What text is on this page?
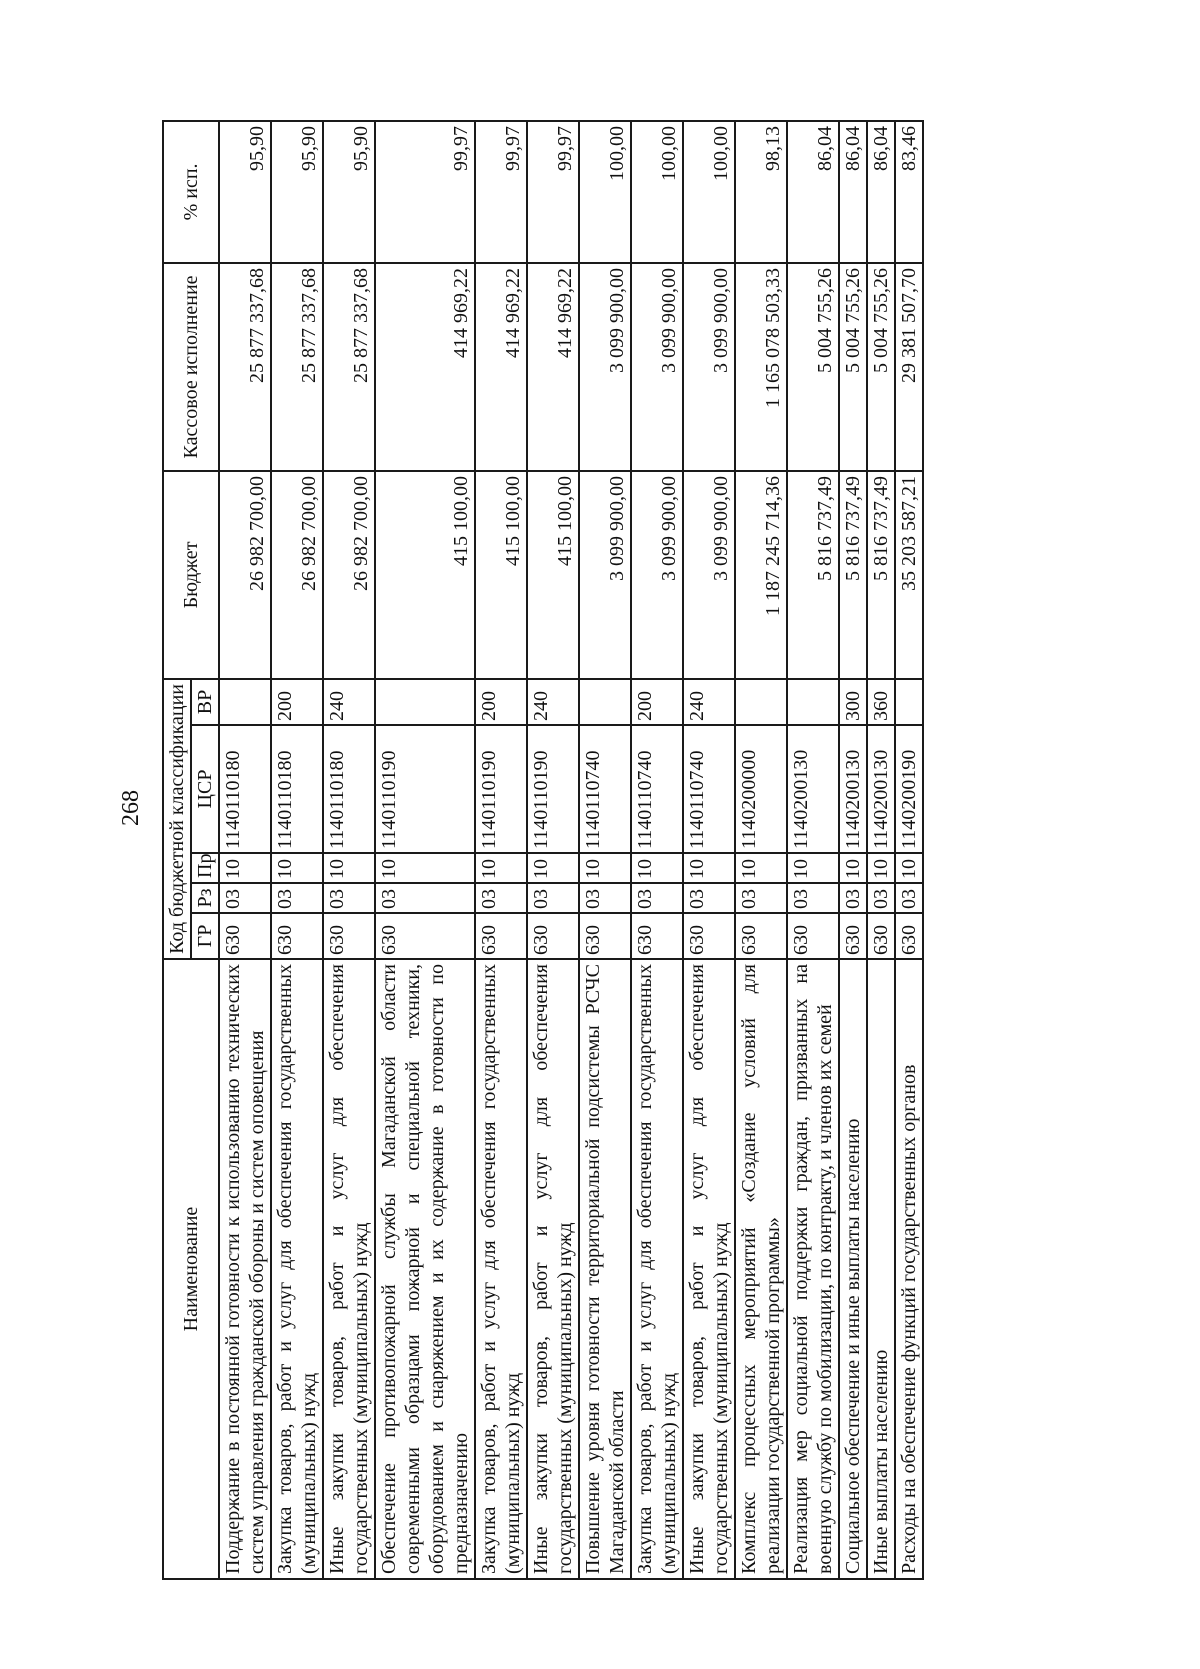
268
Наименование	Код бюджетной классификации					Бюджет	Кассовое исполнение	% исп.
	ГР	Рз	Пр	ЦСР	ВР			
Поддержание в постоянной готовности к использованию технических систем управления гражданской обороны и систем оповещения	630	03	10	1140110180		26 982 700,00	25 877 337,68	95,90
Закупка товаров, работ и услуг для обеспечения государственных (муниципальных) нужд	630	03	10	1140110180	200	26 982 700,00	25 877 337,68	95,90
Иные закупки товаров, работ и услуг для обеспечения государственных (муниципальных) нужд	630	03	10	1140110180	240	26 982 700,00	25 877 337,68	95,90
Обеспечение противопожарной службы Магаданской области современными образцами пожарной и специальной техники, оборудованием и снаряжением и их содержание в готовности по предназначению	630	03	10	1140110190		415 100,00	414 969,22	99,97
Закупка товаров, работ и услуг для обеспечения государственных (муниципальных) нужд	630	03	10	1140110190	200	415 100,00	414 969,22	99,97
Иные закупки товаров, работ и услуг для обеспечения государственных (муниципальных) нужд	630	03	10	1140110190	240	415 100,00	414 969,22	99,97
Повышение уровня готовности территориальной подсистемы РСЧС Магаданской области	630	03	10	1140110740		3 099 900,00	3 099 900,00	100,00
Закупка товаров, работ и услуг для обеспечения государственных (муниципальных) нужд	630	03	10	1140110740	200	3 099 900,00	3 099 900,00	100,00
Иные закупки товаров, работ и услуг для обеспечения государственных (муниципальных) нужд	630	03	10	1140110740	240	3 099 900,00	3 099 900,00	100,00
Комплекс процессных мероприятий «Создание условий для реализации государственной программы»	630	03	10	1140200000		1 187 245 714,36	1 165 078 503,33	98,13
Реализация мер социальной поддержки граждан, призванных на военную службу по мобилизации, по контракту, и членов их семей	630	03	10	1140200130		5 816 737,49	5 004 755,26	86,04
Социальное обеспечение и иные выплаты населению	630	03	10	1140200130	300	5 816 737,49	5 004 755,26	86,04
Иные выплаты населению	630	03	10	1140200130	360	5 816 737,49	5 004 755,26	86,04
Расходы на обеспечение функций государственных органов	630	03	10	1140200190		35 203 587,21	29 381 507,70	83,46
